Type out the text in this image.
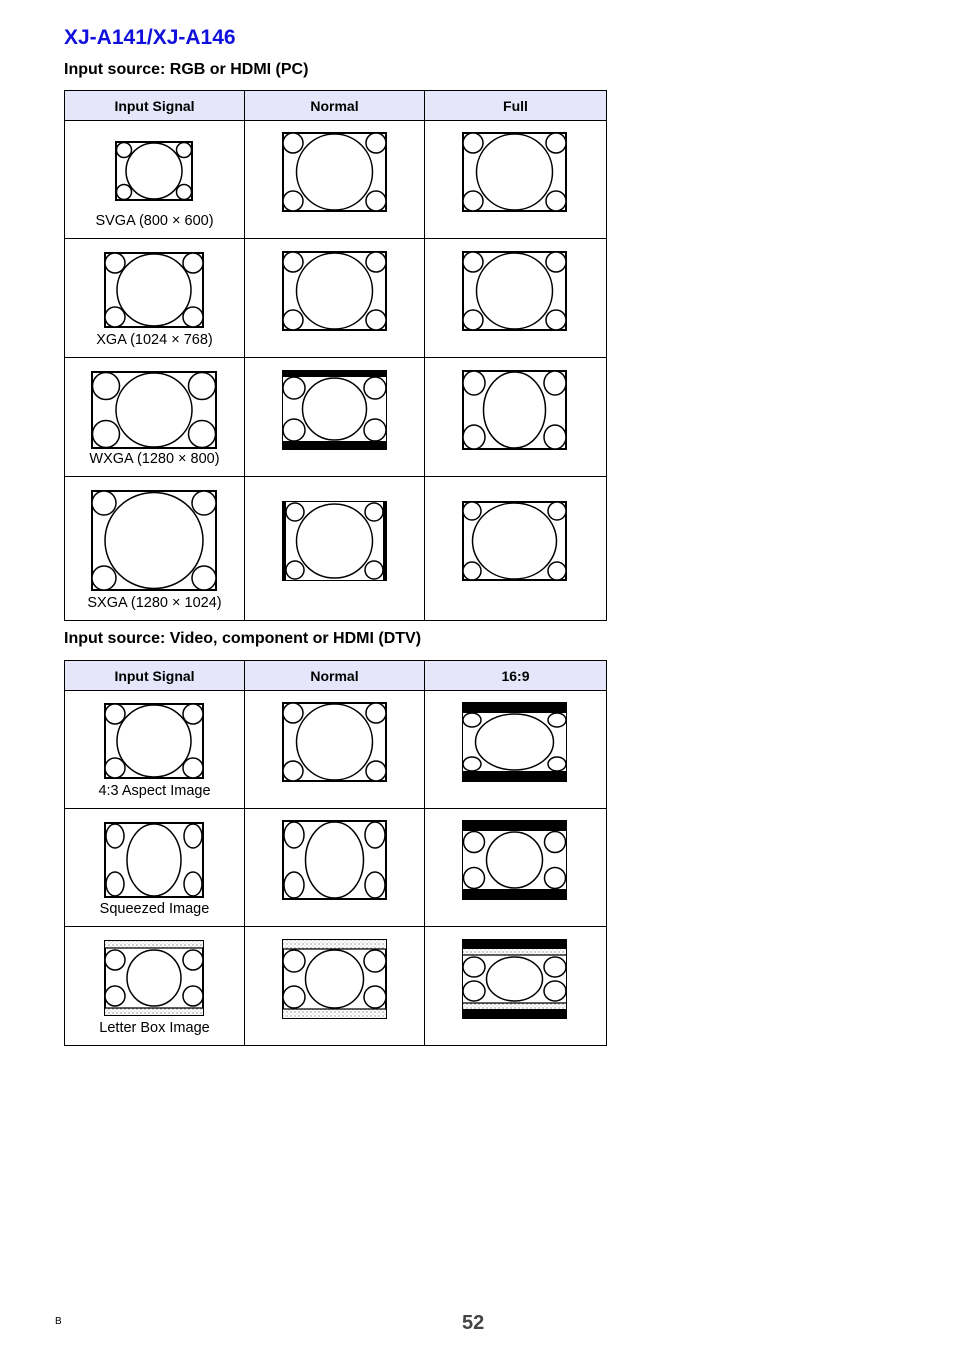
XJ-A141/XJ-A146
Input source: RGB or HDMI (PC)
Input Signal	Normal	Full

SVGA (800 × 600)

XGA (1024 × 768)

WXGA (1280 × 800)

SXGA (1280 × 1024)

Input source: Video, component or HDMI (DTV)
Input Signal	Normal	16:9

4:3 Aspect Image

Squeezed Image

Letter Box Image

B	52
